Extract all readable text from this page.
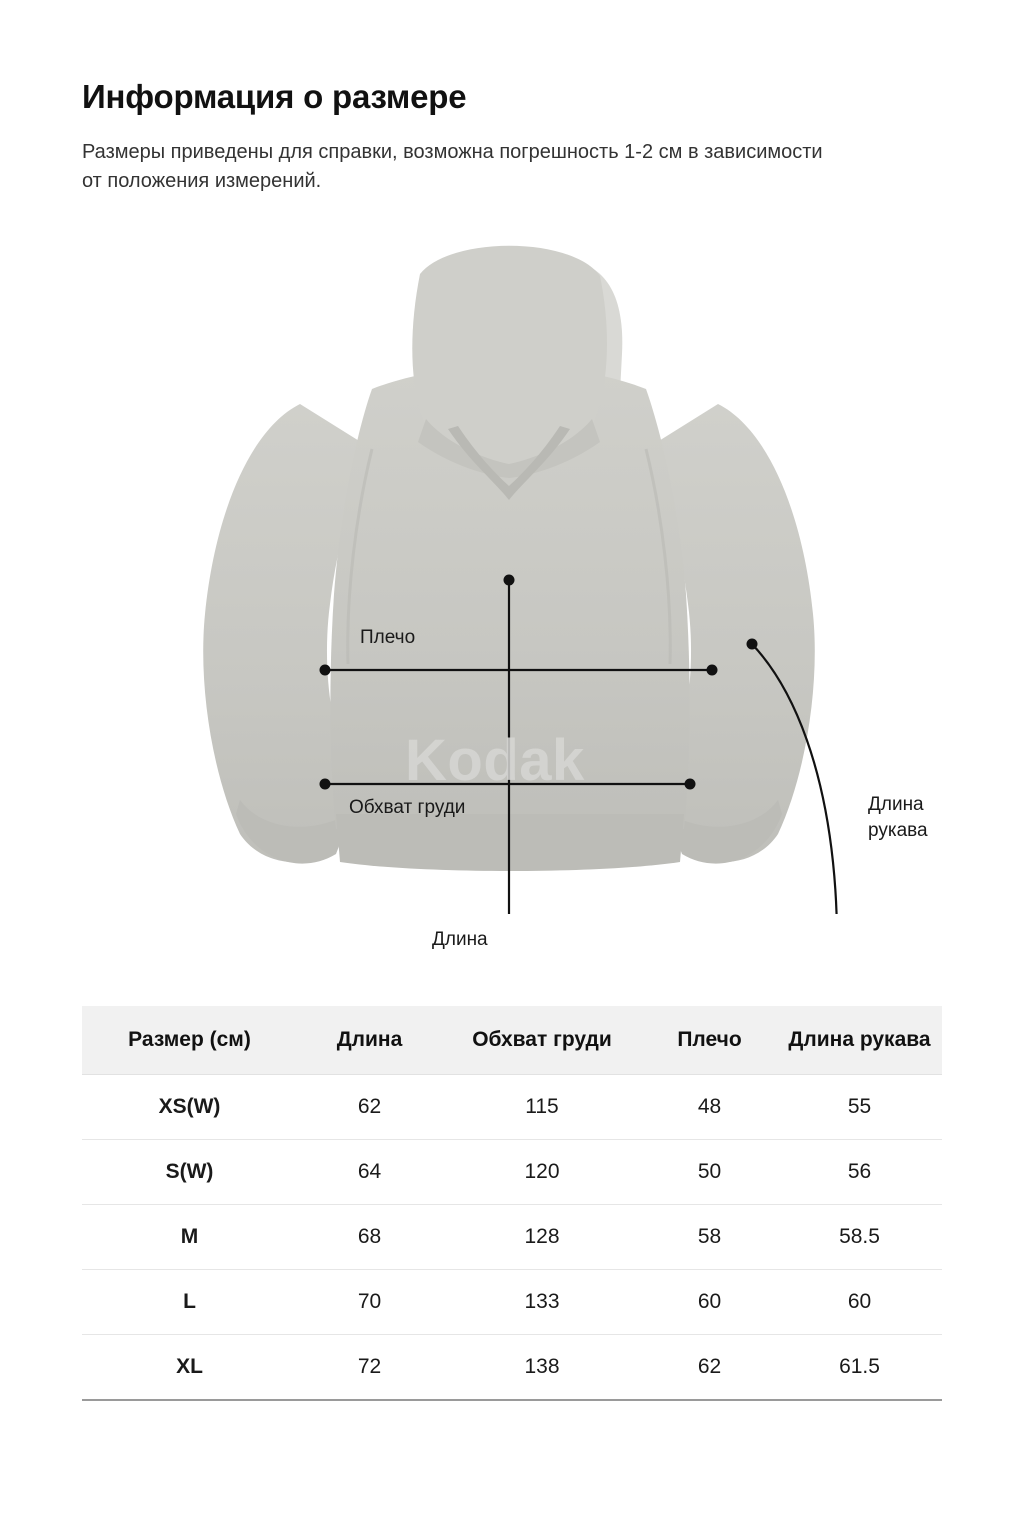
Информация о размере

Размеры приведены для справки, возможна погрешность 1-2 см в зависимости от положения измерений.

Kodak
Плечо
Обхват груди
Длина
Длина
рукава
Размер (см)	Длина	Обхват груди	Плечо	Длина рукава
XS(W)	62	115	48	55
S(W)	64	120	50	56
M	68	128	58	58.5
L	70	133	60	60
XL	72	138	62	61.5
